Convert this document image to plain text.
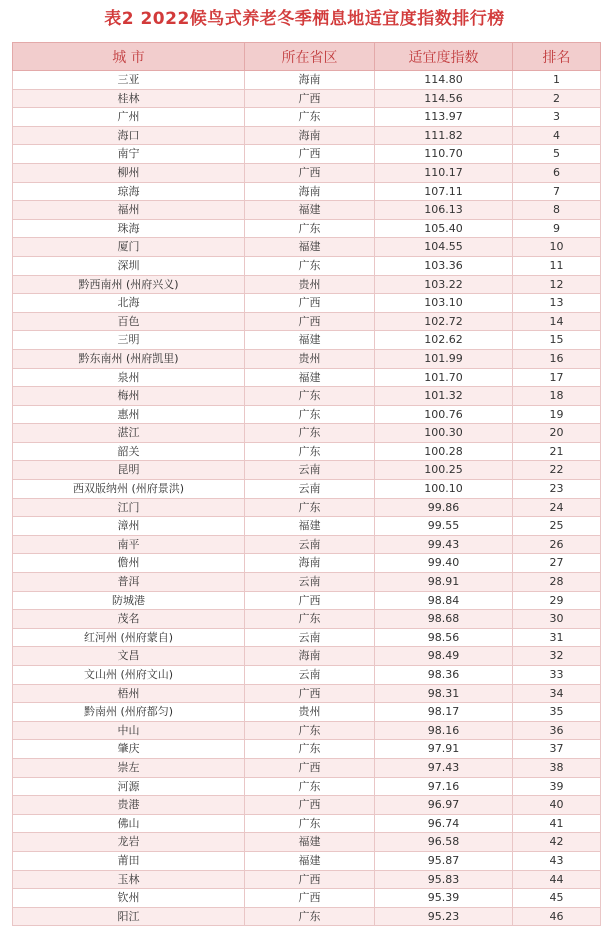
表2 2022候鸟式养老冬季栖息地适宜度指数排行榜
城 市	所在省区	适宜度指数	排名
三亚	海南	114.80	1
桂林	广西	114.56	2
广州	广东	113.97	3
海口	海南	111.82	4
南宁	广西	110.70	5
柳州	广西	110.17	6
琼海	海南	107.11	7
福州	福建	106.13	8
珠海	广东	105.40	9
厦门	福建	104.55	10
深圳	广东	103.36	11
黔西南州 (州府兴义)	贵州	103.22	12
北海	广西	103.10	13
百色	广西	102.72	14
三明	福建	102.62	15
黔东南州 (州府凯里)	贵州	101.99	16
泉州	福建	101.70	17
梅州	广东	101.32	18
惠州	广东	100.76	19
湛江	广东	100.30	20
韶关	广东	100.28	21
昆明	云南	100.25	22
西双版纳州 (州府景洪)	云南	100.10	23
江门	广东	99.86	24
漳州	福建	99.55	25
南平	云南	99.43	26
儋州	海南	99.40	27
普洱	云南	98.91	28
防城港	广西	98.84	29
茂名	广东	98.68	30
红河州 (州府蒙自)	云南	98.56	31
文昌	海南	98.49	32
文山州 (州府文山)	云南	98.36	33
梧州	广西	98.31	34
黔南州 (州府都匀)	贵州	98.17	35
中山	广东	98.16	36
肇庆	广东	97.91	37
崇左	广西	97.43	38
河源	广东	97.16	39
贵港	广西	96.97	40
佛山	广东	96.74	41
龙岩	福建	96.58	42
莆田	福建	95.87	43
玉林	广西	95.83	44
钦州	广西	95.39	45
阳江	广东	95.23	46
